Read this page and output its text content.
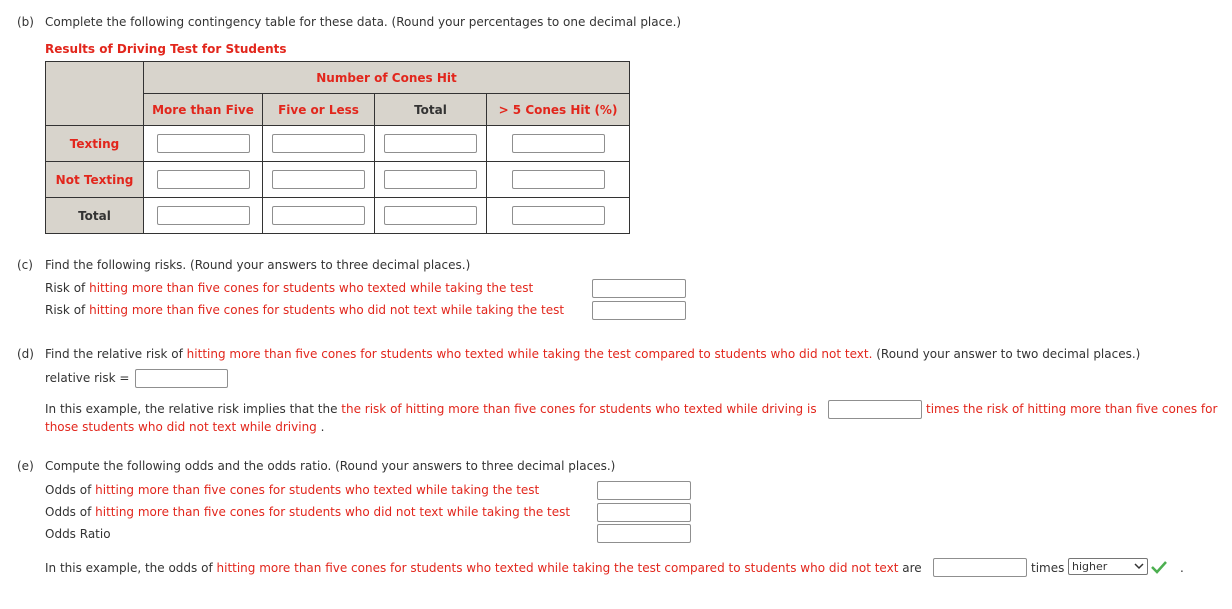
(b) Complete the following contingency table for these data. (Round your percentages to one decimal place.)
Results of Driving Test for Students
	Number of Cones Hit			
	More than Five	Five or Less	Total	> 5 Cones Hit (%)
Texting				
Not Texting				
Total				
(c) Find the following risks. (Round your answers to three decimal places.)
Risk of hitting more than five cones for students who texted while taking the test
Risk of hitting more than five cones for students who did not text while taking the test
(d) Find the relative risk of hitting more than five cones for students who texted while taking the test compared to students who did not text. (Round your answer to two decimal places.)
relative risk =
In this example, the relative risk implies that the the risk of hitting more than five cones for students who texted while driving is	times the risk of hitting more than five cones for
those students who did not text while driving .
(e) Compute the following odds and the odds ratio. (Round your answers to three decimal places.)
Odds of hitting more than five cones for students who texted while taking the test
Odds of hitting more than five cones for students who did not text while taking the test
Odds Ratio
In this example, the odds of hitting more than five cones for students who texted while taking the test compared to students who did not text are	times higher	.
